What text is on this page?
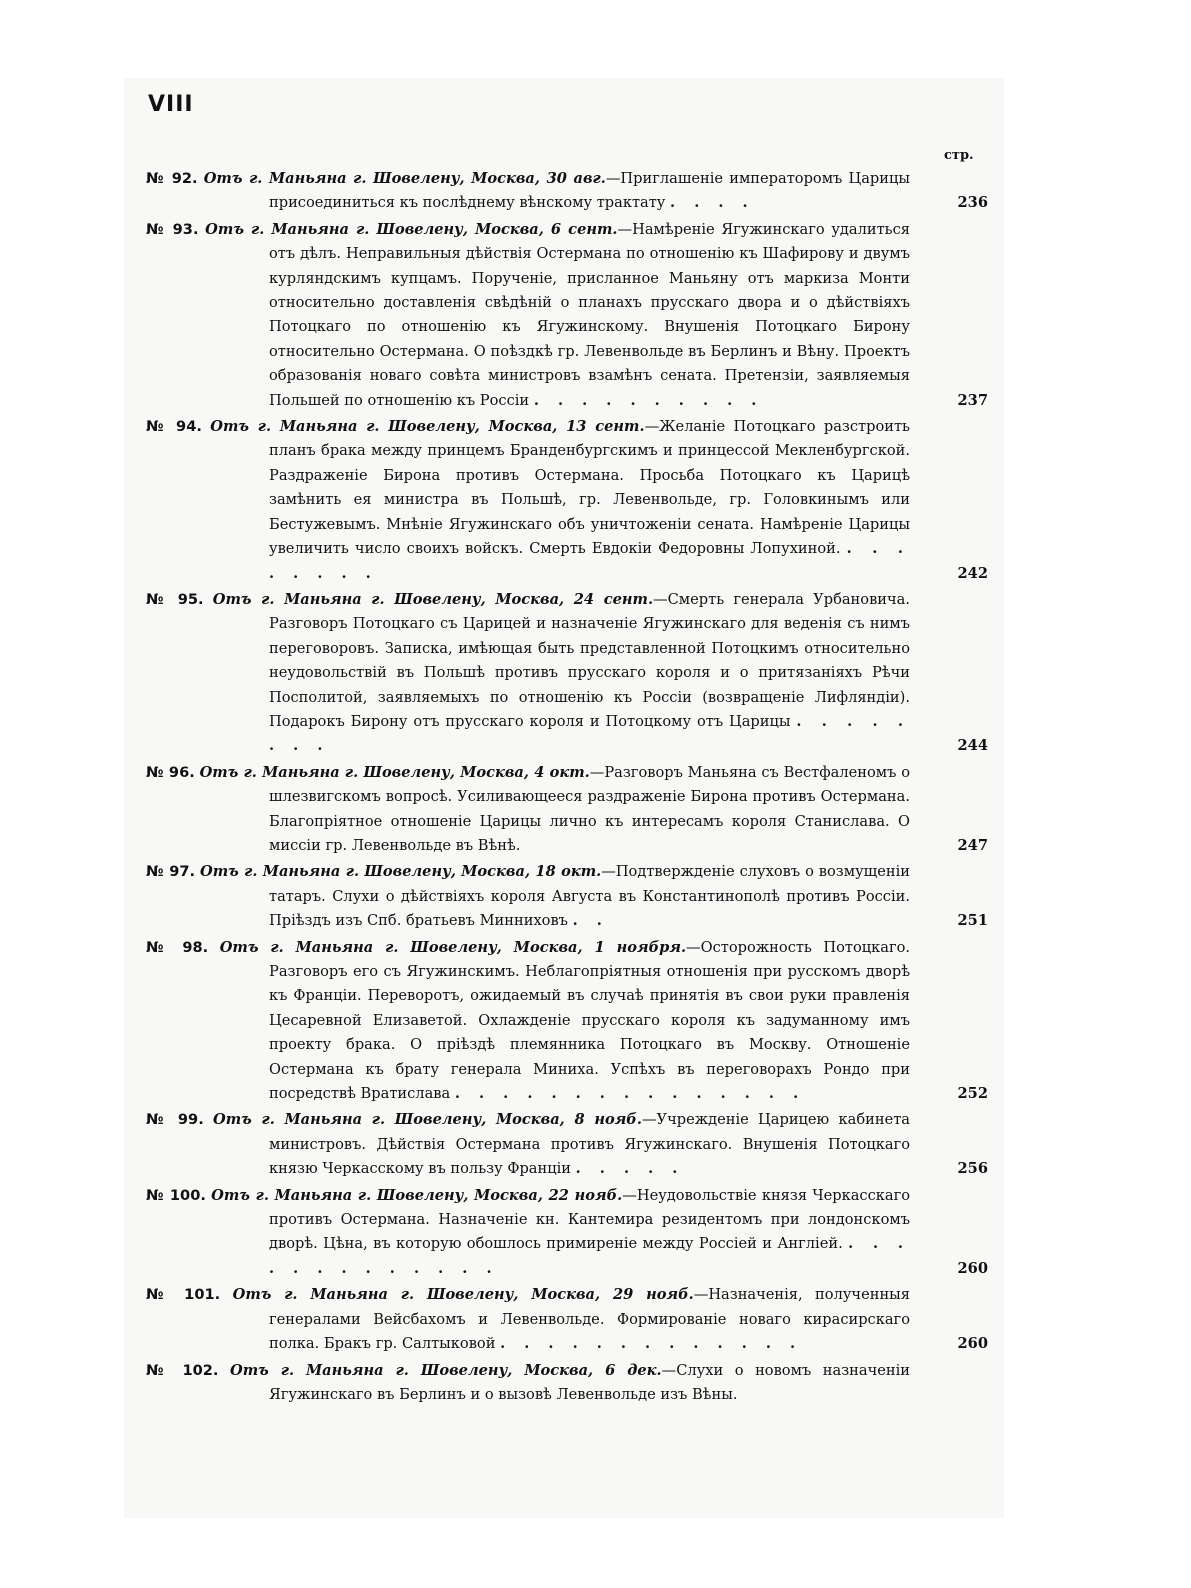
VIII
стр.
№ 92. Отъ г. Маньяна г. Шовелену, Москва, 30 авг.—Приглашеніе императоромъ Царицы присоединиться къ послѣднему вѣнскому трактату . . . .	236
№ 93. Отъ г. Маньяна г. Шовелену, Москва, 6 сент.—Намѣреніе Ягужинскаго удалиться отъ дѣлъ. Неправильныя дѣйствія Остермана по отношенію къ Шафирову и двумъ курляндскимъ купцамъ. Порученіе, присланное Маньяну отъ маркиза Монти относительно доставленія свѣдѣній о планахъ прусскаго двора и о дѣйствіяхъ Потоцкаго по отношенію къ Ягужинскому. Внушенія Потоцкаго Бирону относительно Остермана. О поѣздкѣ гр. Левенвольде въ Берлинъ и Вѣну. Проектъ образованія новаго совѣта министровъ взамѣнъ сената. Претензіи, заявляемыя Польшей по отношенію къ Россіи . . . . . . . . . .	237
№ 94. Отъ г. Маньяна г. Шовелену, Москва, 13 сент.—Желаніе Потоцкаго разстроить планъ брака между принцемъ Бранденбургскимъ и принцессой Мекленбургской. Раздраженіе Бирона противъ Остермана. Просьба Потоцкаго къ Царицѣ замѣнить ея министра въ Польшѣ, гр. Левенвольде, гр. Головкинымъ или Бестужевымъ. Мнѣніе Ягужинскаго объ уничтоженіи сената. Намѣреніе Царицы увеличить число своихъ войскъ. Смерть Евдокіи Федоровны Лопухиной. . . . . . . . .	242
№ 95. Отъ г. Маньяна г. Шовелену, Москва, 24 сент.—Смерть генерала Урбановича. Разговоръ Потоцкаго съ Царицей и назначеніе Ягужинскаго для веденія съ нимъ переговоровъ. Записка, имѣющая быть представленной Потоцкимъ относительно неудовольствій въ Польшѣ противъ прусскаго короля и о притязаніяхъ Рѣчи Посполитой, заявляемыхъ по отношенію къ Россіи (возвращеніе Лифляндіи). Подарокъ Бирону отъ прусскаго короля и Потоцкому отъ Царицы . . . . . . . .	244
№ 96. Отъ г. Маньяна г. Шовелену, Москва, 4 окт.—Разговоръ Маньяна съ Вестфаленомъ о шлезвигскомъ вопросѣ. Усиливающееся раздраженіе Бирона противъ Остермана. Благопріятное отношеніе Царицы лично къ интересамъ короля Станислава. О миссіи гр. Левенвольде въ Вѣнѣ.	247
№ 97. Отъ г. Маньяна г. Шовелену, Москва, 18 окт.—Подтвержденіе слуховъ о возмущеніи татаръ. Слухи о дѣйствіяхъ короля Августа въ Константинополѣ противъ Россіи. Пріѣздъ изъ Спб. братьевъ Минниховъ . .	251
№ 98. Отъ г. Маньяна г. Шовелену, Москва, 1 ноября.—Осторожность Потоцкаго. Разговоръ его съ Ягужинскимъ. Неблагопріятныя отношенія при русскомъ дворѣ къ Франціи. Переворотъ, ожидаемый въ случаѣ принятія въ свои руки правленія Цесаревной Елизаветой. Охлажденіе прусскаго короля къ задуманному имъ проекту брака. О пріѣздѣ племянника Потоцкаго въ Москву. Отношеніе Остермана къ брату генерала Миниха. Успѣхъ въ переговорахъ Рондо при посредствѣ Вратислава . . . . . . . . . . . . . . .	252
№ 99. Отъ г. Маньяна г. Шовелену, Москва, 8 нояб.—Учрежденіе Царицею кабинета министровъ. Дѣйствія Остермана противъ Ягужинскаго. Внушенія Потоцкаго князю Черкасскому въ пользу Франціи . . . . .	256
№ 100. Отъ г. Маньяна г. Шовелену, Москва, 22 нояб.—Неудовольствіе князя Черкасскаго противъ Остермана. Назначеніе кн. Кантемира резидентомъ при лондонскомъ дворѣ. Цѣна, въ которую обошлось примиреніе между Россіей и Англіей. . . . . . . . . . . . . .	260
№ 101. Отъ г. Маньяна г. Шовелену, Москва, 29 нояб.—Назначенія, полученныя генералами Вейсбахомъ и Левенвольде. Формированіе новаго кирасирскаго полка. Бракъ гр. Салтыковой . . . . . . . . . . . . .	260
№ 102. Отъ г. Маньяна г. Шовелену, Москва, 6 дек.—Слухи о новомъ назначеніи Ягужинскаго въ Берлинъ и о вызовѣ Левенвольде изъ Вѣны.
